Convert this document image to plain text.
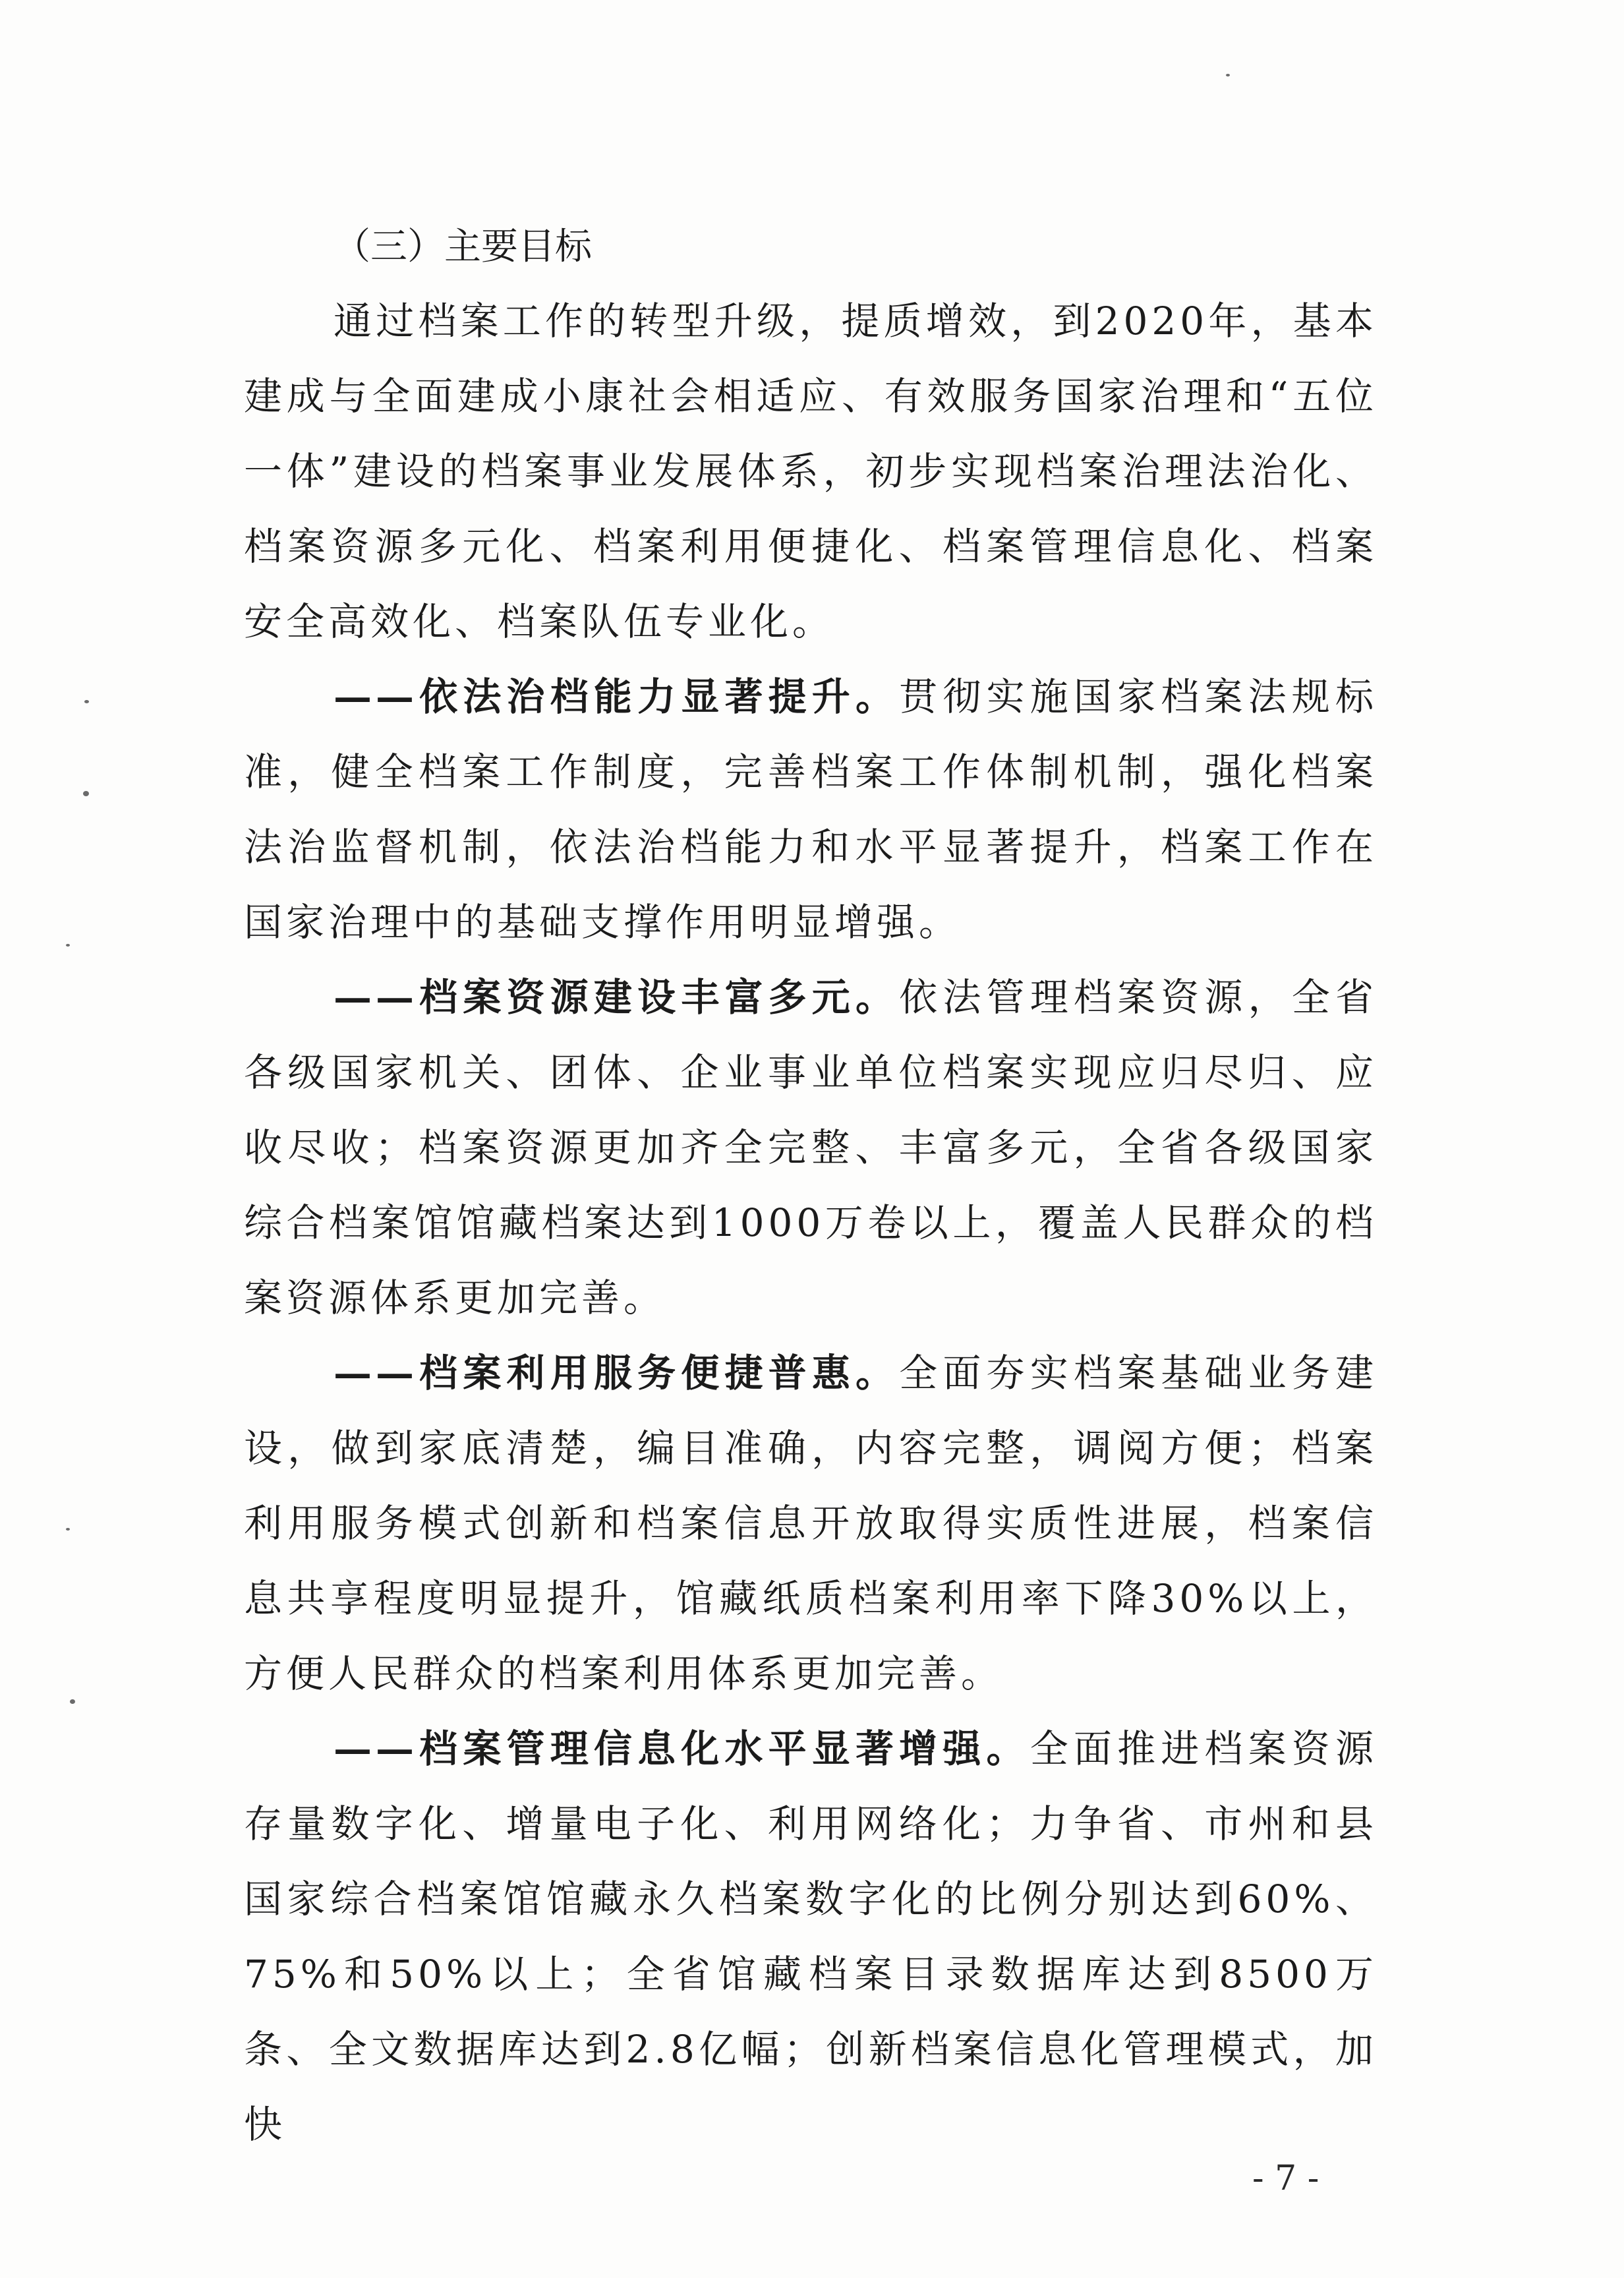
（三）主要目标

通过档案工作的转型升级，提质增效，到2020年，基本建成与全面建成小康社会相适应、有效服务国家治理和“五位一体”建设的档案事业发展体系，初步实现档案治理法治化、档案资源多元化、档案利用便捷化、档案管理信息化、档案安全高效化、档案队伍专业化。

——依法治档能力显著提升。贯彻实施国家档案法规标准，健全档案工作制度，完善档案工作体制机制，强化档案法治监督机制，依法治档能力和水平显著提升，档案工作在国家治理中的基础支撑作用明显增强。

——档案资源建设丰富多元。依法管理档案资源，全省各级国家机关、团体、企业事业单位档案实现应归尽归、应收尽收；档案资源更加齐全完整、丰富多元，全省各级国家综合档案馆馆藏档案达到1000万卷以上，覆盖人民群众的档案资源体系更加完善。

——档案利用服务便捷普惠。全面夯实档案基础业务建设，做到家底清楚，编目准确，内容完整，调阅方便；档案利用服务模式创新和档案信息开放取得实质性进展，档案信息共享程度明显提升，馆藏纸质档案利用率下降30%以上，方便人民群众的档案利用体系更加完善。

——档案管理信息化水平显著增强。全面推进档案资源存量数字化、增量电子化、利用网络化；力争省、市州和县国家综合档案馆馆藏永久档案数字化的比例分别达到60%、75%和50%以上；全省馆藏档案目录数据库达到8500万条、全文数据库达到2.8亿幅；创新档案信息化管理模式，加快

- 7 -
